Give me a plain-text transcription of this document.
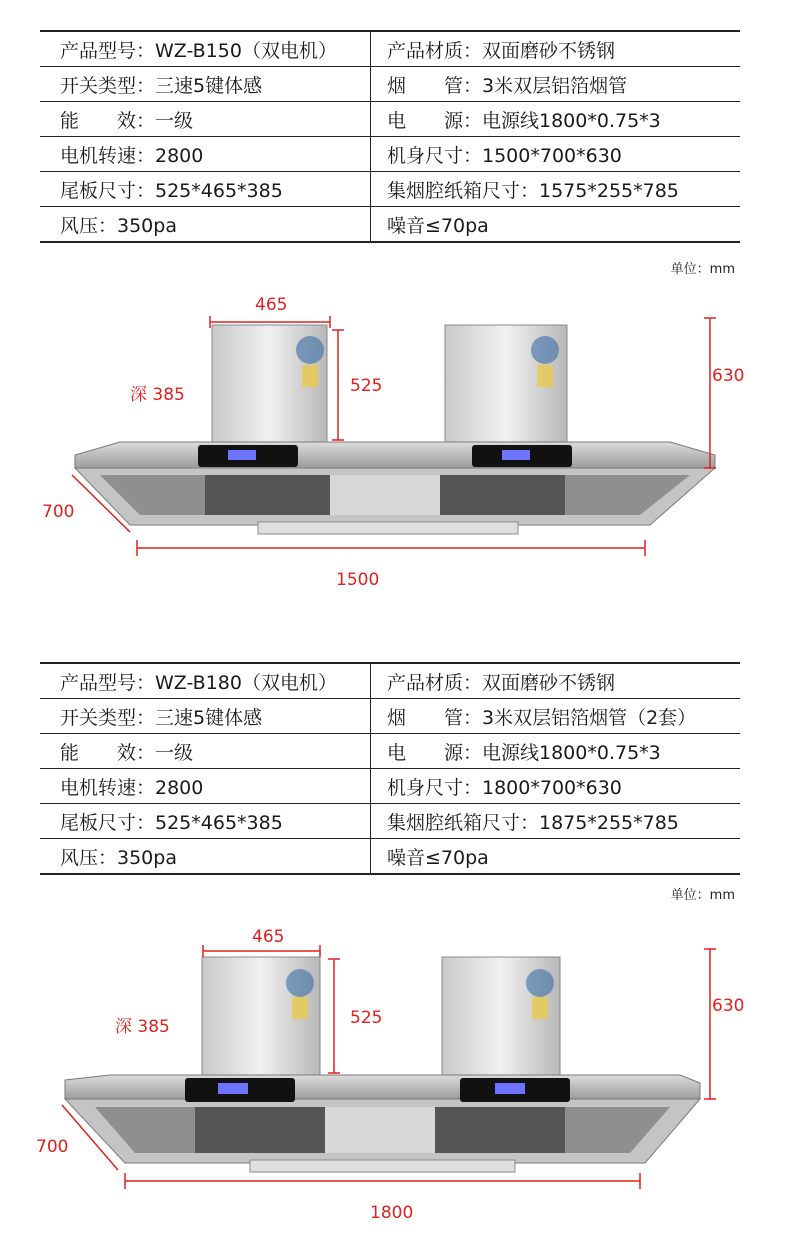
产品型号：WZ-B150（双电机）	产品材质：双面磨砂不锈钢
开关类型：三速5键体感	烟　　管：3米双层铝箔烟管
能　　效：一级	电　　源：电源线1800*0.75*3
电机转速：2800	机身尺寸：1500*700*630
尾板尺寸：525*465*385	集烟腔纸箱尺寸：1575*255*785
风压：350pa	噪音≤70pa
单位：mm
465
深 385	525	630
700
1500
产品型号：WZ-B180（双电机）	产品材质：双面磨砂不锈钢
开关类型：三速5键体感	烟　　管：3米双层铝箔烟管（2套）
能　　效：一级	电　　源：电源线1800*0.75*3
电机转速：2800	机身尺寸：1800*700*630
尾板尺寸：525*465*385	集烟腔纸箱尺寸：1875*255*785
风压：350pa	噪音≤70pa
单位：mm
465
深 385	525
630
700
1800
